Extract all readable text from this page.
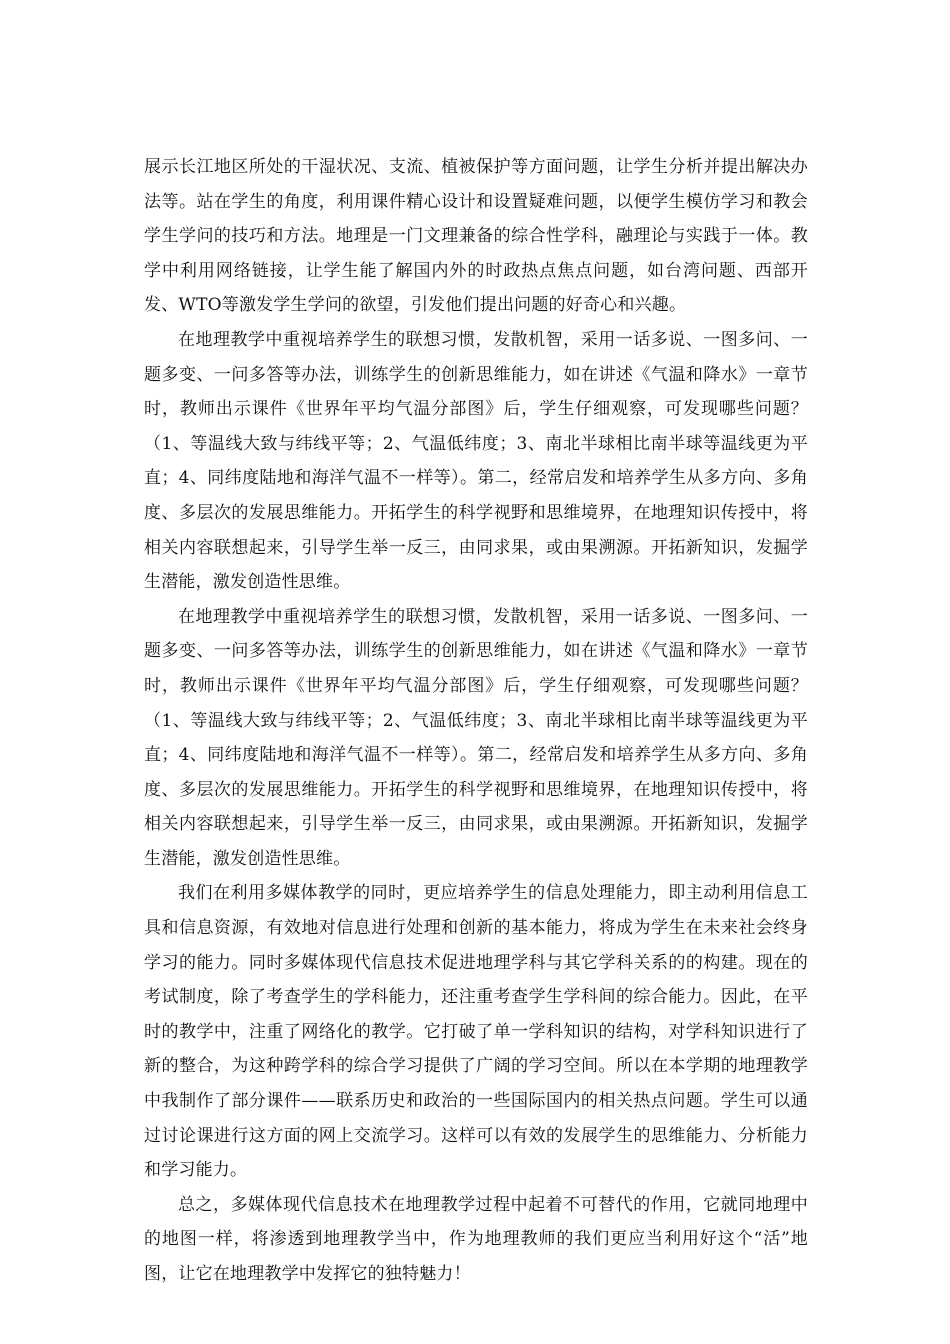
展示长江地区所处的干湿状况、支流、植被保护等方面问题，让学生分析并提出解决办法等。站在学生的角度，利用课件精心设计和设置疑难问题，以便学生模仿学习和教会学生学问的技巧和方法。地理是一门文理兼备的综合性学科，融理论与实践于一体。教学中利用网络链接，让学生能了解国内外的时政热点焦点问题，如台湾问题、西部开发、WTO等激发学生学问的欲望，引发他们提出问题的好奇心和兴趣。

在地理教学中重视培养学生的联想习惯，发散机智，采用一话多说、一图多问、一题多变、一问多答等办法，训练学生的创新思维能力，如在讲述《气温和降水》一章节时，教师出示课件《世界年平均气温分部图》后，学生仔细观察，可发现哪些问题？（1、等温线大致与纬线平等；2、气温低纬度；3、南北半球相比南半球等温线更为平直；4、同纬度陆地和海洋气温不一样等）。第二，经常启发和培养学生从多方向、多角度、多层次的发展思维能力。开拓学生的科学视野和思维境界，在地理知识传授中，将相关内容联想起来，引导学生举一反三，由同求果，或由果溯源。开拓新知识，发掘学生潜能，激发创造性思维。

在地理教学中重视培养学生的联想习惯，发散机智，采用一话多说、一图多问、一题多变、一问多答等办法，训练学生的创新思维能力，如在讲述《气温和降水》一章节时，教师出示课件《世界年平均气温分部图》后，学生仔细观察，可发现哪些问题？（1、等温线大致与纬线平等；2、气温低纬度；3、南北半球相比南半球等温线更为平直；4、同纬度陆地和海洋气温不一样等）。第二，经常启发和培养学生从多方向、多角度、多层次的发展思维能力。开拓学生的科学视野和思维境界，在地理知识传授中，将相关内容联想起来，引导学生举一反三，由同求果，或由果溯源。开拓新知识，发掘学生潜能，激发创造性思维。

我们在利用多媒体教学的同时，更应培养学生的信息处理能力，即主动利用信息工具和信息资源，有效地对信息进行处理和创新的基本能力，将成为学生在未来社会终身学习的能力。同时多媒体现代信息技术促进地理学科与其它学科关系的的构建。现在的考试制度，除了考查学生的学科能力，还注重考查学生学科间的综合能力。因此，在平时的教学中，注重了网络化的教学。它打破了单一学科知识的结构，对学科知识进行了新的整合，为这种跨学科的综合学习提供了广阔的学习空间。所以在本学期的地理教学中我制作了部分课件——联系历史和政治的一些国际国内的相关热点问题。学生可以通过讨论课进行这方面的网上交流学习。这样可以有效的发展学生的思维能力、分析能力和学习能力。

总之，多媒体现代信息技术在地理教学过程中起着不可替代的作用，它就同地理中的地图一样，将渗透到地理教学当中，作为地理教师的我们更应当利用好这个“活”地图，让它在地理教学中发挥它的独特魅力！
